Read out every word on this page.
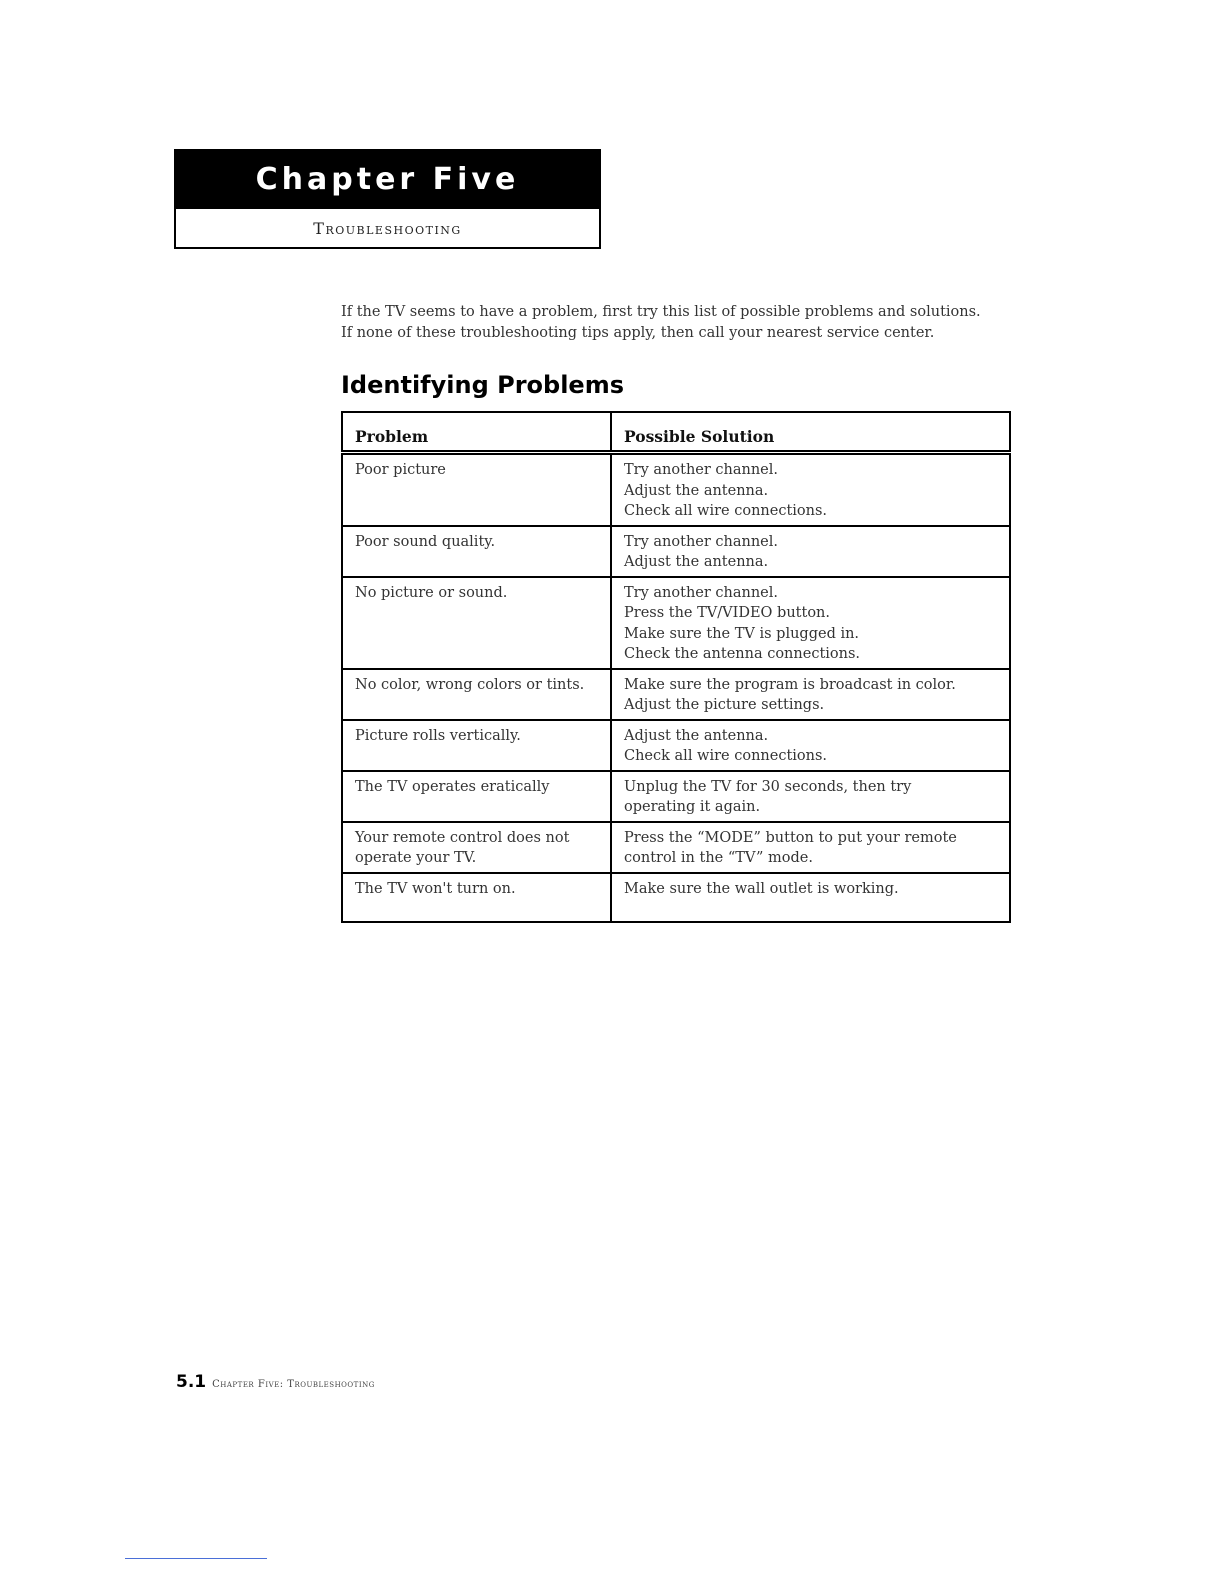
Chapter Five
Troubleshooting

If the TV seems to have a problem, first try this list of possible problems and solutions.

If none of these troubleshooting tips apply, then call your nearest service center.

Identifying Problems
Problem	Possible Solution
Poor picture	Try another channel.
Adjust the antenna.
Check all wire connections.

Poor sound quality.	Try another channel.
Adjust the antenna.

No picture or sound.	Try another channel.
Press the TV/VIDEO button.
Make sure the TV is plugged in.
Check the antenna connections.

No color, wrong colors or tints.	Make sure the program is broadcast in color.
Adjust the picture settings.

Picture rolls vertically.	Adjust the antenna.
Check all wire connections.

The TV operates eratically	Unplug the TV for 30 seconds, then try
operating it again.

Your remote control does not operate your TV.	Press the “MODE” button to put your remote
control in the “TV” mode.

The TV won't turn on.	Make sure the wall outlet is working.
5.1 Chapter Five: Troubleshooting
